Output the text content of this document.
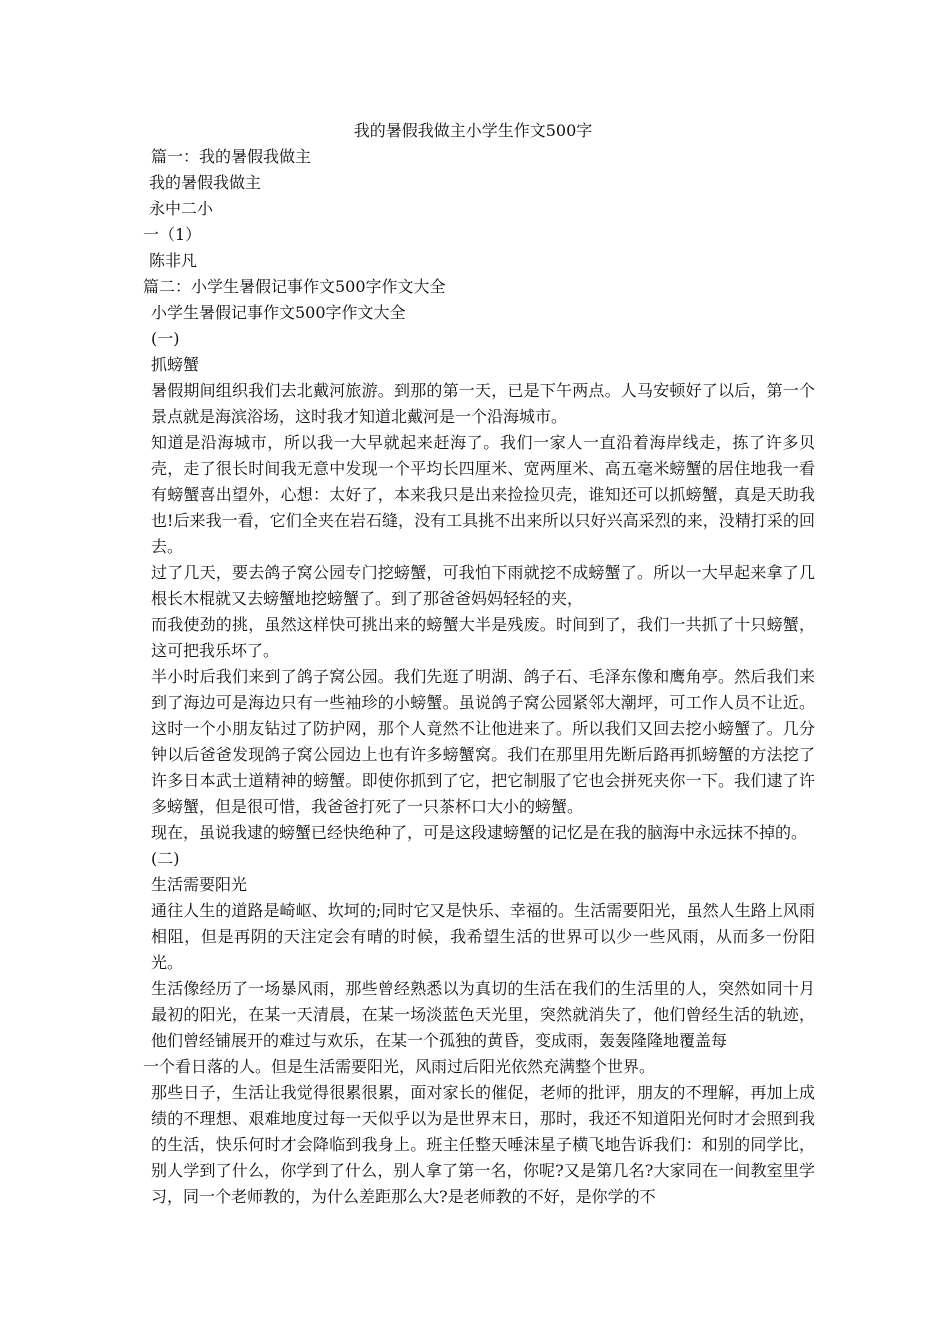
我的暑假我做主小学生作文500字

篇一：我的暑假我做主

我的暑假我做主

永中二小

一（1）

陈非凡

篇二：小学生暑假记事作文500字作文大全

小学生暑假记事作文500字作文大全

(一)

抓螃蟹

暑假期间组织我们去北戴河旅游。到那的第一天，已是下午两点。人马安顿好了以后，第一个景点就是海滨浴场，这时我才知道北戴河是一个沿海城市。

知道是沿海城市，所以我一大早就起来赶海了。我们一家人一直沿着海岸线走，拣了许多贝壳，走了很长时间我无意中发现一个平均长四厘米、宽两厘米、高五毫米螃蟹的居住地我一看有螃蟹喜出望外，心想：太好了，本来我只是出来捡捡贝壳，谁知还可以抓螃蟹，真是天助我也!后来我一看，它们全夹在岩石缝，没有工具挑不出来所以只好兴高采烈的来，没精打采的回去。

过了几天，要去鸽子窝公园专门挖螃蟹，可我怕下雨就挖不成螃蟹了。所以一大早起来拿了几根长木棍就又去螃蟹地挖螃蟹了。到了那爸爸妈妈轻轻的夹，

而我使劲的挑，虽然这样快可挑出来的螃蟹大半是残废。时间到了，我们一共抓了十只螃蟹，这可把我乐坏了。

半小时后我们来到了鸽子窝公园。我们先逛了明湖、鸽子石、毛泽东像和鹰角亭。然后我们来到了海边可是海边只有一些袖珍的小螃蟹。虽说鸽子窝公园紧邻大潮坪，可工作人员不让近。这时一个小朋友钻过了防护网，那个人竟然不让他进来了。所以我们又回去挖小螃蟹了。几分钟以后爸爸发现鸽子窝公园边上也有许多螃蟹窝。我们在那里用先断后路再抓螃蟹的方法挖了许多日本武士道精神的螃蟹。即使你抓到了它，把它制服了它也会拼死夹你一下。我们逮了许多螃蟹，但是很可惜，我爸爸打死了一只茶杯口大小的螃蟹。

现在，虽说我逮的螃蟹已经快绝种了，可是这段逮螃蟹的记忆是在我的脑海中永远抹不掉的。

(二)

生活需要阳光

通往人生的道路是崎岖、坎坷的;同时它又是快乐、幸福的。生活需要阳光，虽然人生路上风雨相阻，但是再阴的天注定会有晴的时候，我希望生活的世界可以少一些风雨，从而多一份阳光。

生活像经历了一场暴风雨，那些曾经熟悉以为真切的生活在我们的生活里的人，突然如同十月最初的阳光，在某一天清晨，在某一场淡蓝色天光里，突然就消失了，他们曾经生活的轨迹，他们曾经铺展开的难过与欢乐，在某一个孤独的黄昏，变成雨，轰轰隆隆地覆盖每

一个看日落的人。但是生活需要阳光，风雨过后阳光依然充满整个世界。

那些日子，生活让我觉得很累很累，面对家长的催促，老师的批评，朋友的不理解，再加上成绩的不理想、艰难地度过每一天似乎以为是世界末日，那时，我还不知道阳光何时才会照到我的生活，快乐何时才会降临到我身上。班主任整天唾沫星子横飞地告诉我们：和别的同学比，别人学到了什么，你学到了什么，别人拿了第一名，你呢?又是第几名?大家同在一间教室里学习，同一个老师教的，为什么差距那么大?是老师教的不好，是你学的不
